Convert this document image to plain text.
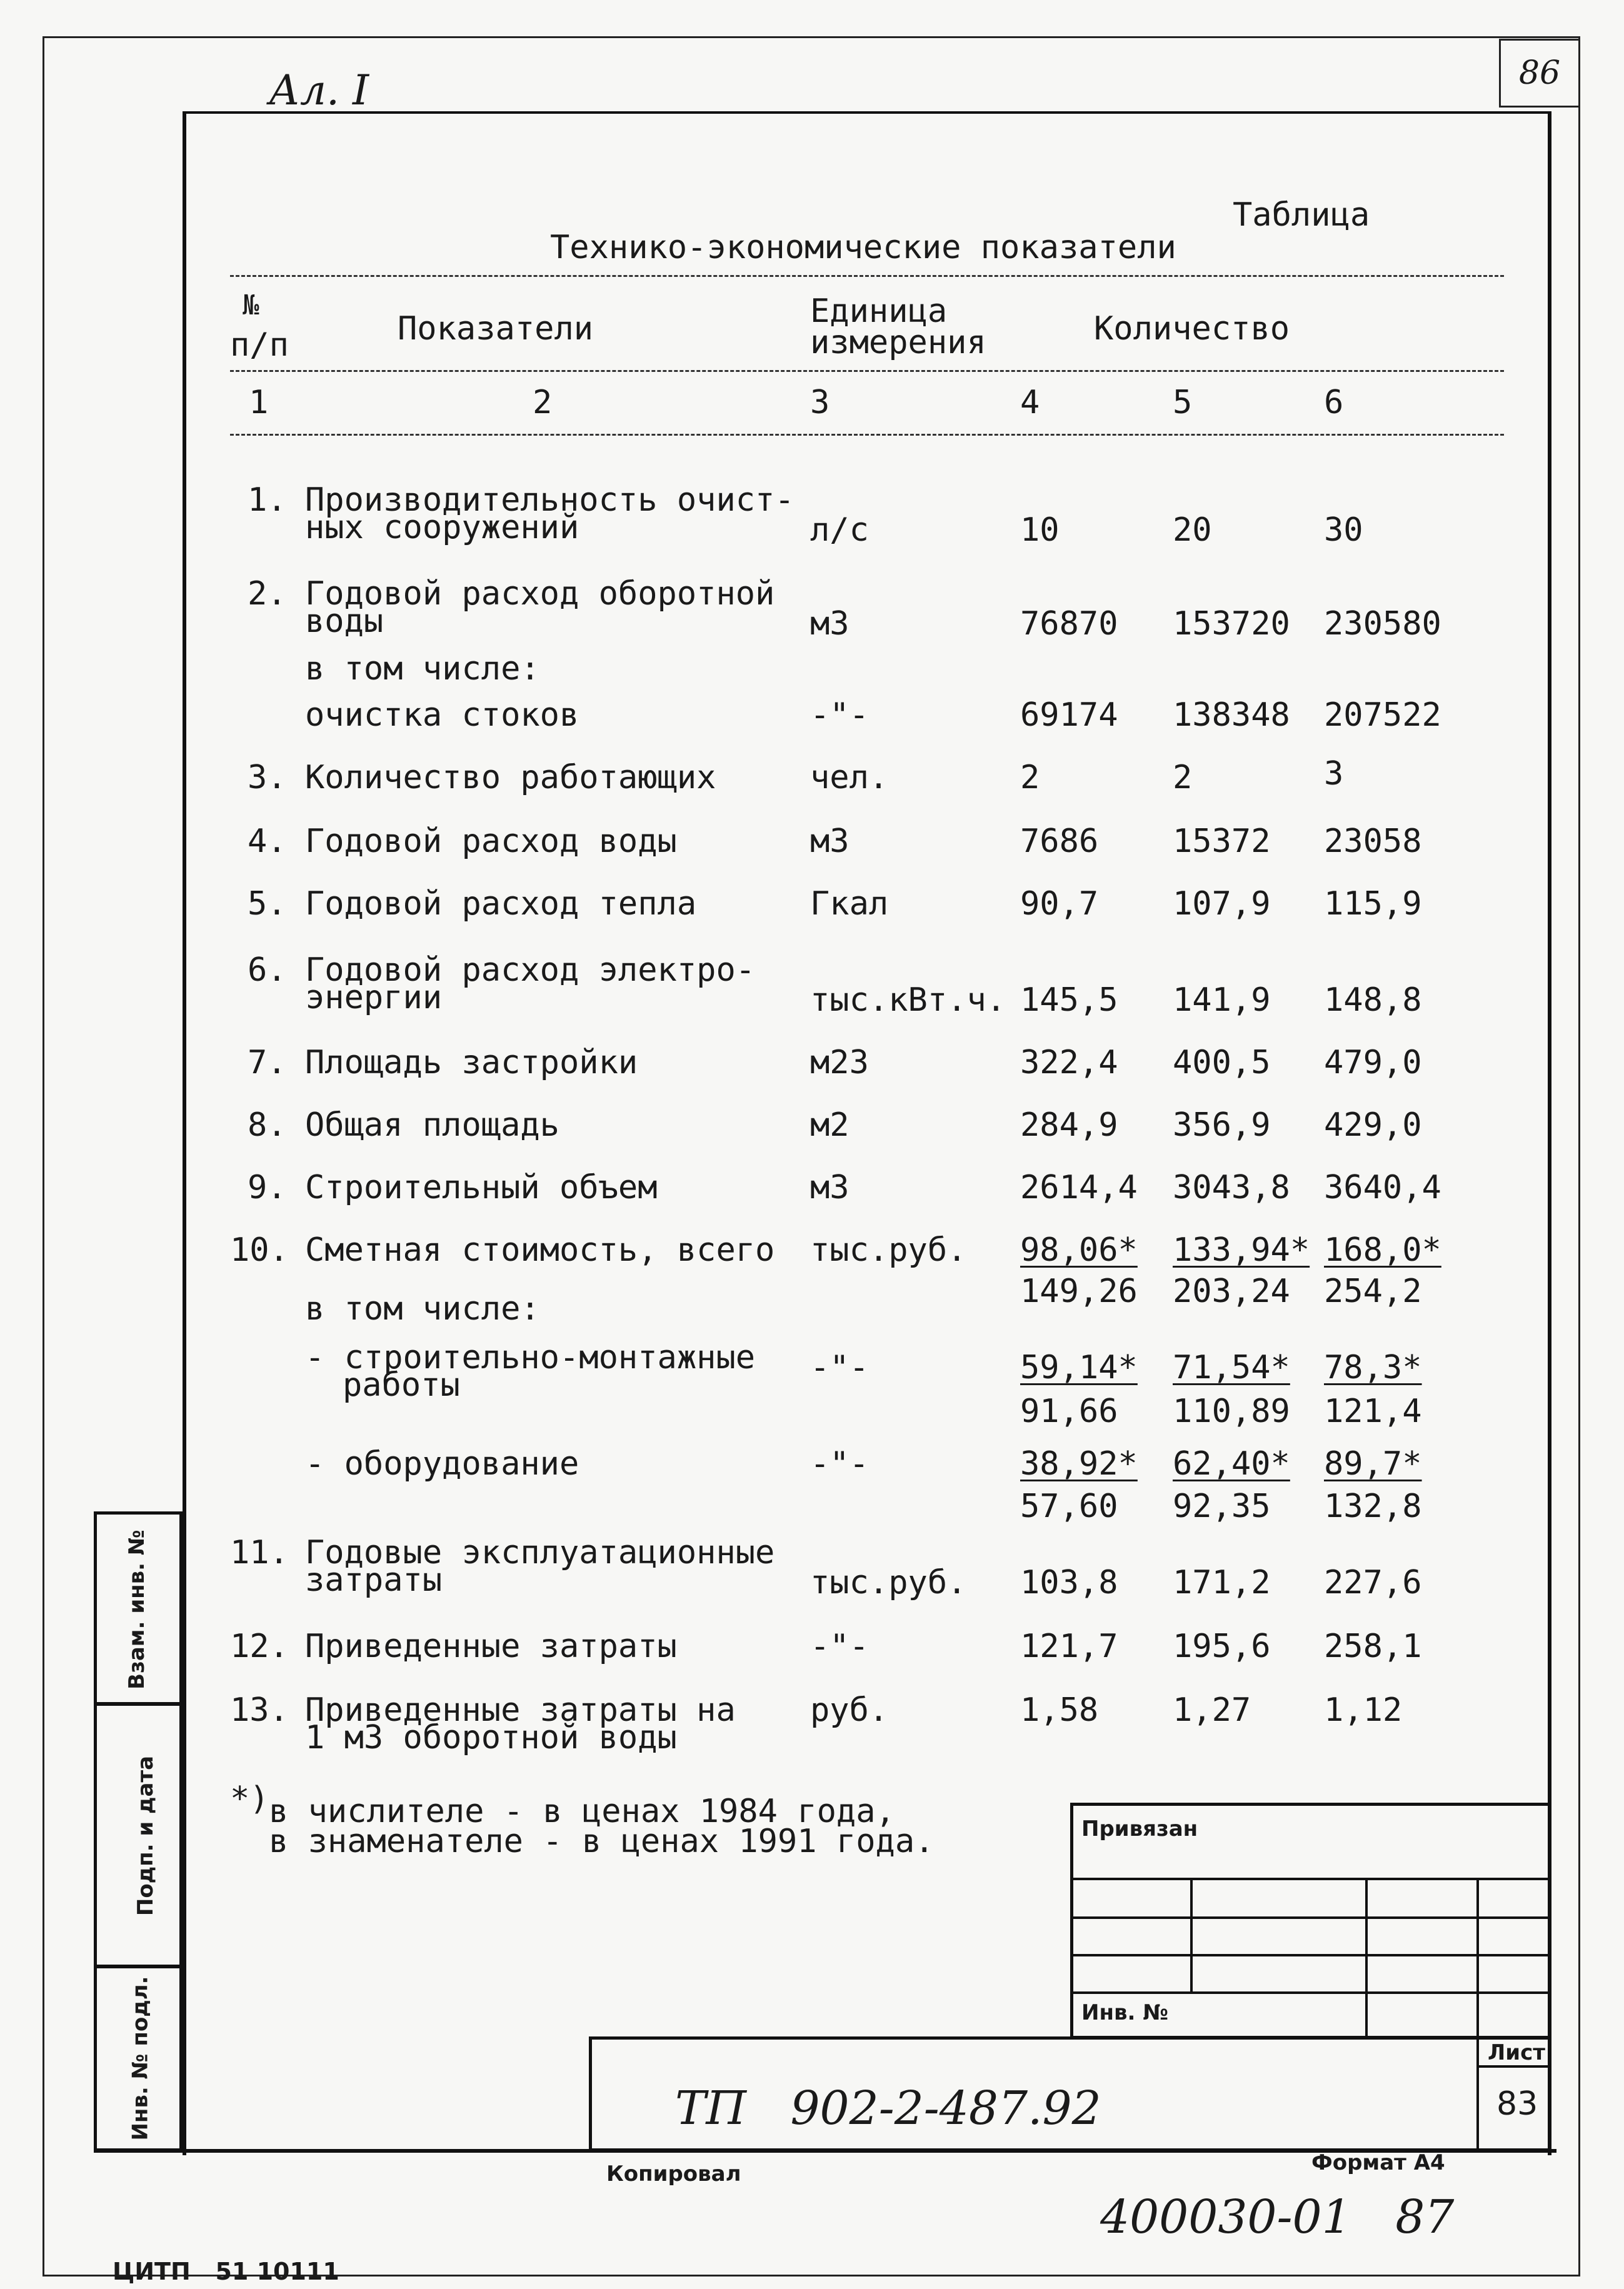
86
Ал. I
Таблица
Технико-экономические показатели
№
п/п	Показатели	Единица
измерения	Количество
1	2	3	4	5	6
1. Производительность очист-
ных сооружений	л/с	10	20	30
2. Годовой расход оборотной
воды	м3	76870 153720 230580
в том числе:
очистка стоков	-"-	69174 138348 207522
3. Количество работающих	чел.	2	2	3
4. Годовой расход воды	м3	7686 15372 23058
5. Годовой расход тепла	Гкал	90,7 107,9 115,9
6. Годовой расход электро-
энергии	тыс.кВт.ч. 145,5 141,9 148,8
7. Площадь застройки	м23	322,4 400,5 479,0
8. Общая площадь	м2	284,9 356,9 429,0
9. Строительный объем	м3	2614,4 3043,8 3640,4
10. Сметная стоимость, всего тыс.руб. 98,06* 133,94* 168,0*
149,26 203,24 254,2
в том числе:
- строительно-монтажные
работы	-"-	59,14* 71,54* 78,3*
91,66 110,89 121,4
- оборудование	-"-	38,92* 62,40* 89,7*
57,60 92,35 132,8
11. Годовые эксплуатационные
затраты	тыс.руб. 103,8 171,2 227,6
12. Приведенные затраты	-"-	121,7 195,6 258,1
13. Приведенные затраты на
1 м3 оборотной воды
руб.	1,58 1,27 1,12
*) в числителе - в ценах 1984 года,
в знаменателе - в ценах 1991 года.
Взам. инв. №
Подп. и дата
Инв. № подл.
Привязан
Инв. №
Лист
83
ТП   902-2-487.92
Копировал	Формат А4
400030-01   87
ЦИТП   51 10111
